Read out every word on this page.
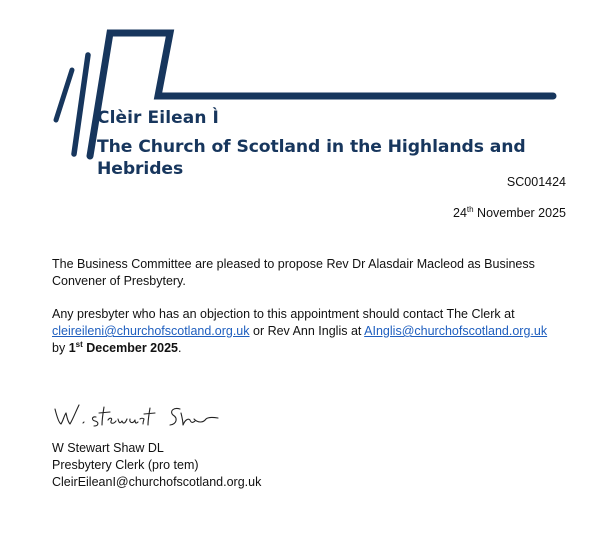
Clèir Eilean Ì
The Church of Scotland in the Highlands and Hebrides
SC001424
24th November 2025
The Business Committee are pleased to propose Rev Dr Alasdair Macleod as Business Convener of Presbytery.
Any presbyter who has an objection to this appointment should contact The Clerk at cleireileni@churchofscotland.org.uk or Rev Ann Inglis at AInglis@churchofscotland.org.uk
by 1st December 2025.
W Stewart Shaw DL
Presbytery Clerk (pro tem)
CleirEileanI@churchofscotland.org.uk
